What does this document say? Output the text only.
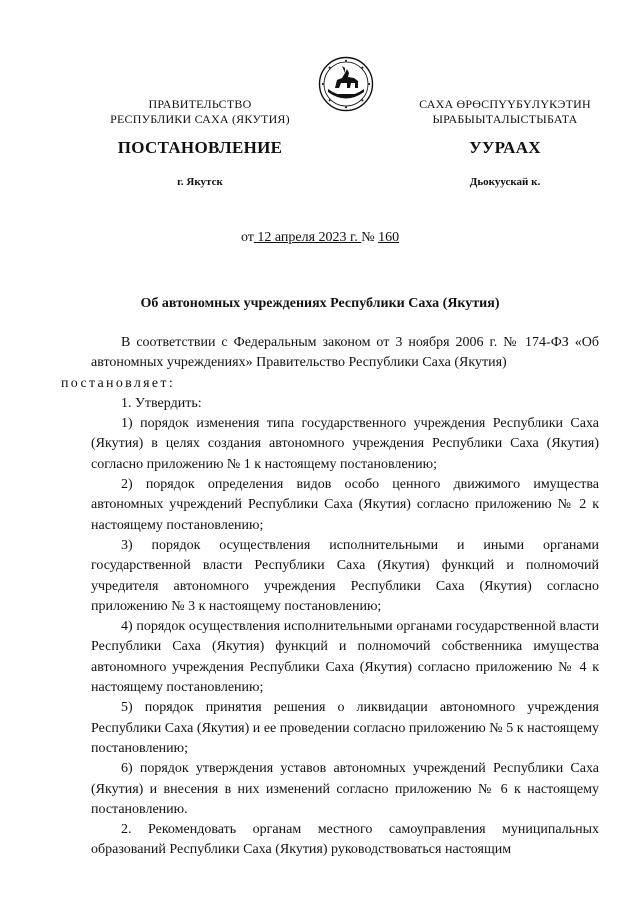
ПРАВИТЕЛЬСТВО
РЕСПУБЛИКИ САХА (ЯКУТИЯ)
САХА ӨРӨСПҮҮБҮЛҮКЭТИН
ЫРАБЫЫТАЛЫСТЫБАТА
ПОСТАНОВЛЕНИЕ	УУРААХ
г. Якутск	Дьокуускай к.
от 12 апреля 2023 г. № 160
Об автономных учреждениях Республики Саха (Якутия)

В соответствии с Федеральным законом от 3 ноября 2006 г. № 174-ФЗ «Об автономных учреждениях» Правительство Республики Саха (Якутия)
постановляет:

1. Утвердить:

1) порядок изменения типа государственного учреждения Республики Саха (Якутия) в целях создания автономного учреждения Республики Саха (Якутия) согласно приложению № 1 к настоящему постановлению;

2) порядок определения видов особо ценного движимого имущества автономных учреждений Республики Саха (Якутия) согласно приложению № 2 к настоящему постановлению;

3) порядок осуществления исполнительными и иными органами государственной власти Республики Саха (Якутия) функций и полномочий учредителя автономного учреждения Республики Саха (Якутия) согласно приложению № 3 к настоящему постановлению;

4) порядок осуществления исполнительными органами государственной власти Республики Саха (Якутия) функций и полномочий собственника имущества автономного учреждения Республики Саха (Якутия) согласно приложению № 4 к настоящему постановлению;

5) порядок принятия решения о ликвидации автономного учреждения Республики Саха (Якутия) и ее проведении согласно приложению № 5 к настоящему постановлению;

6) порядок утверждения уставов автономных учреждений Республики Саха (Якутия) и внесения в них изменений согласно приложению № 6 к настоящему постановлению.

2. Рекомендовать органам местного самоуправления муниципальных образований Республики Саха (Якутия) руководствоваться настоящим
